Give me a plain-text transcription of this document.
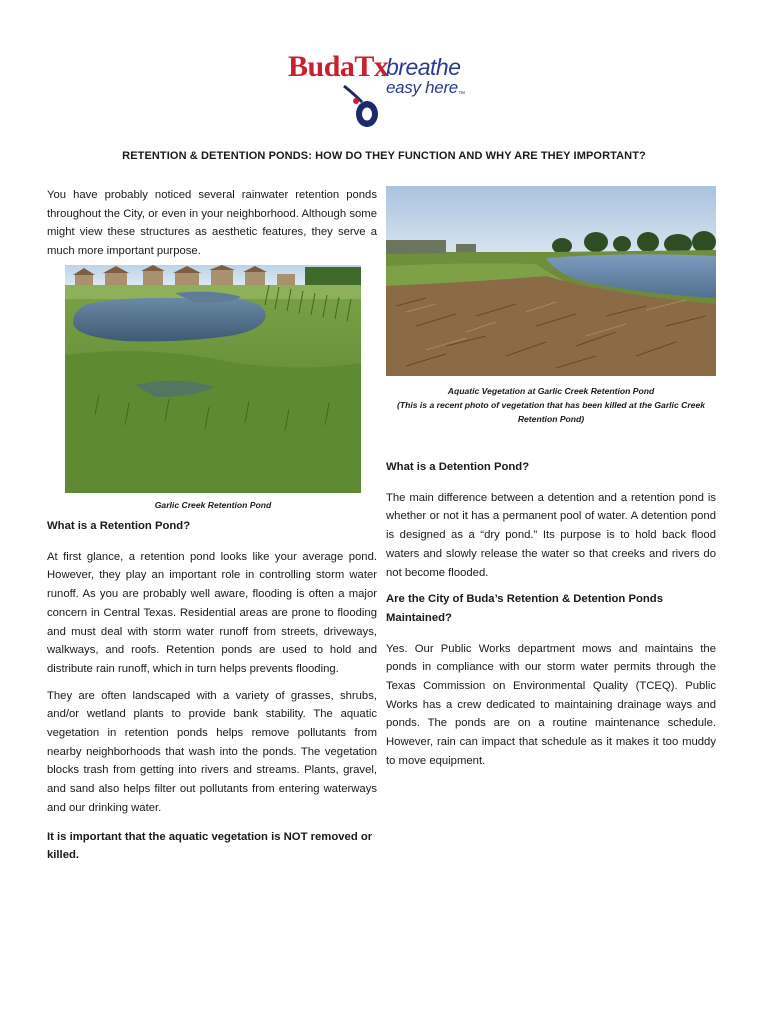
BudaTx
breathe
easy here™
RETENTION & DETENTION PONDS: HOW DO THEY FUNCTION AND WHY ARE THEY IMPORTANT?

You have probably noticed several rainwater retention ponds throughout the City, or even in your neighborhood. Although some might view these structures as aesthetic features, they serve a much more important purpose.

Garlic Creek Retention Pond

What is a Retention Pond?

At first glance, a retention pond looks like your average pond. However, they play an important role in controlling storm water runoff. As you are probably well aware, flooding is often a major concern in Central Texas. Residential areas are prone to flooding and must deal with storm water runoff from streets, driveways, walkways, and roofs. Retention ponds are used to hold and distribute rain runoff, which in turn helps prevents flooding.

They are often landscaped with a variety of grasses, shrubs, and/or wetland plants to provide bank stability. The aquatic vegetation in retention ponds helps remove pollutants from nearby neighborhoods that wash into the ponds. The vegetation blocks trash from getting into rivers and streams. Plants, gravel, and sand also helps filter out pollutants from entering waterways and our drinking water.

It is important that the aquatic vegetation is NOT removed or killed.

Aquatic Vegetation at Garlic Creek Retention Pond
(This is a recent photo of vegetation that has been killed at the Garlic Creek Retention Pond)

What is a Detention Pond?

The main difference between a detention and a retention pond is whether or not it has a permanent pool of water. A detention pond is designed as a “dry pond.” Its purpose is to hold back flood waters and slowly release the water so that creeks and rivers do not become flooded.

Are the City of Buda’s Retention & Detention Ponds Maintained?

Yes. Our Public Works department mows and maintains the ponds in compliance with our storm water permits through the Texas Commission on Environmental Quality (TCEQ). Public Works has a crew dedicated to maintaining drainage ways and ponds. The ponds are on a routine maintenance schedule. However, rain can impact that schedule as it makes it too muddy to move equipment.
